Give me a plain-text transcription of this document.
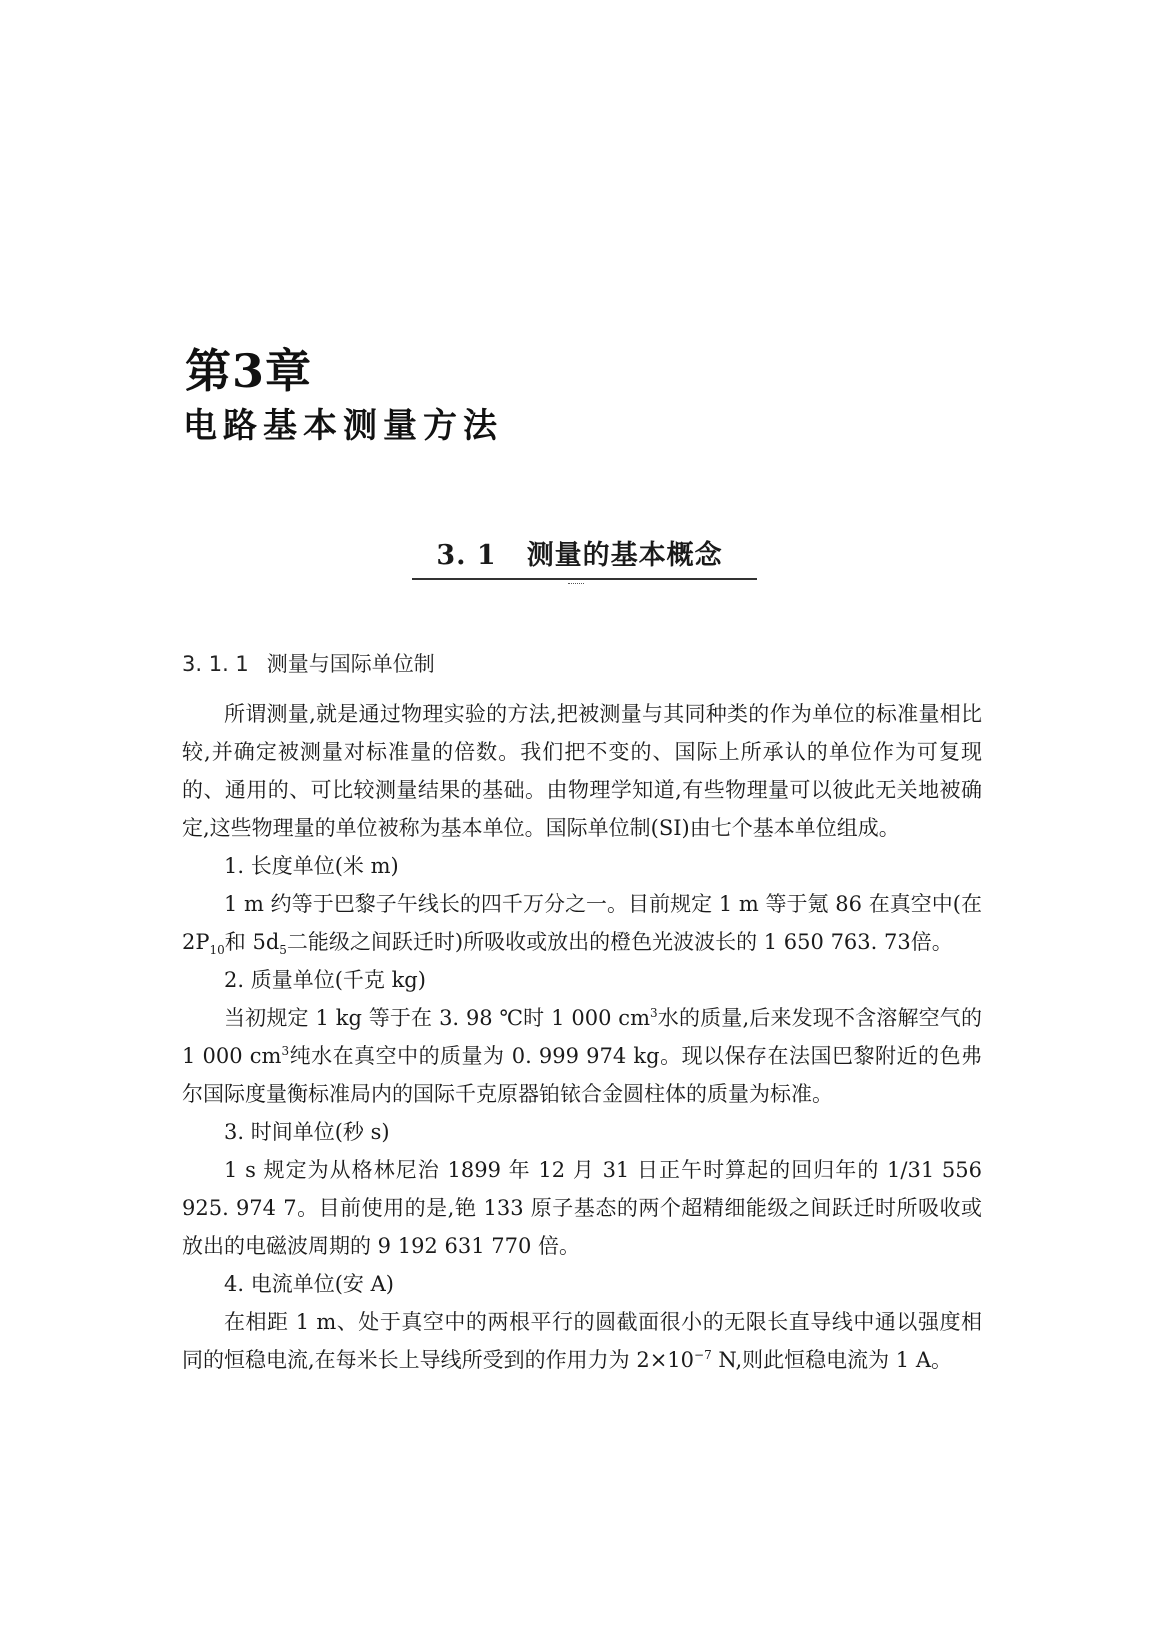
第3章
电路基本测量方法
3. 1 测量的基本概念
3. 1. 1 测量与国际单位制

所谓测量,就是通过物理实验的方法,把被测量与其同种类的作为单位的标准量相比较,并确定被测量对标准量的倍数。我们把不变的、国际上所承认的单位作为可复现的、通用的、可比较测量结果的基础。由物理学知道,有些物理量可以彼此无关地被确定,这些物理量的单位被称为基本单位。国际单位制(SI)由七个基本单位组成。

1. 长度单位(米 m)

1 m 约等于巴黎子午线长的四千万分之一。目前规定 1 m 等于氪 86 在真空中(在 $2P_{10}$和 $5d_5$二能级之间跃迁时)所吸收或放出的橙色光波波长的 1 650 763. 73倍。

2. 质量单位(千克 kg)

当初规定 1 kg 等于在 3. 98 ℃时 1 000 $cm^3$水的质量,后来发现不含溶解空气的 1 000 $cm^3$纯水在真空中的质量为 0. 999 974 kg。现以保存在法国巴黎附近的色弗尔国际度量衡标准局内的国际千克原器铂铱合金圆柱体的质量为标准。

3. 时间单位(秒 s)

1 s 规定为从格林尼治 1899 年 12 月 31 日正午时算起的回归年的 1/31 556 925. 974 7。目前使用的是,铯 133 原子基态的两个超精细能级之间跃迁时所吸收或放出的电磁波周期的 9 192 631 770 倍。

4. 电流单位(安 A)

在相距 1 m、处于真空中的两根平行的圆截面很小的无限长直导线中通以强度相同的恒稳电流,在每米长上导线所受到的作用力为 $2\times 10^{-7}$ N,则此恒稳电流为 1 A。
